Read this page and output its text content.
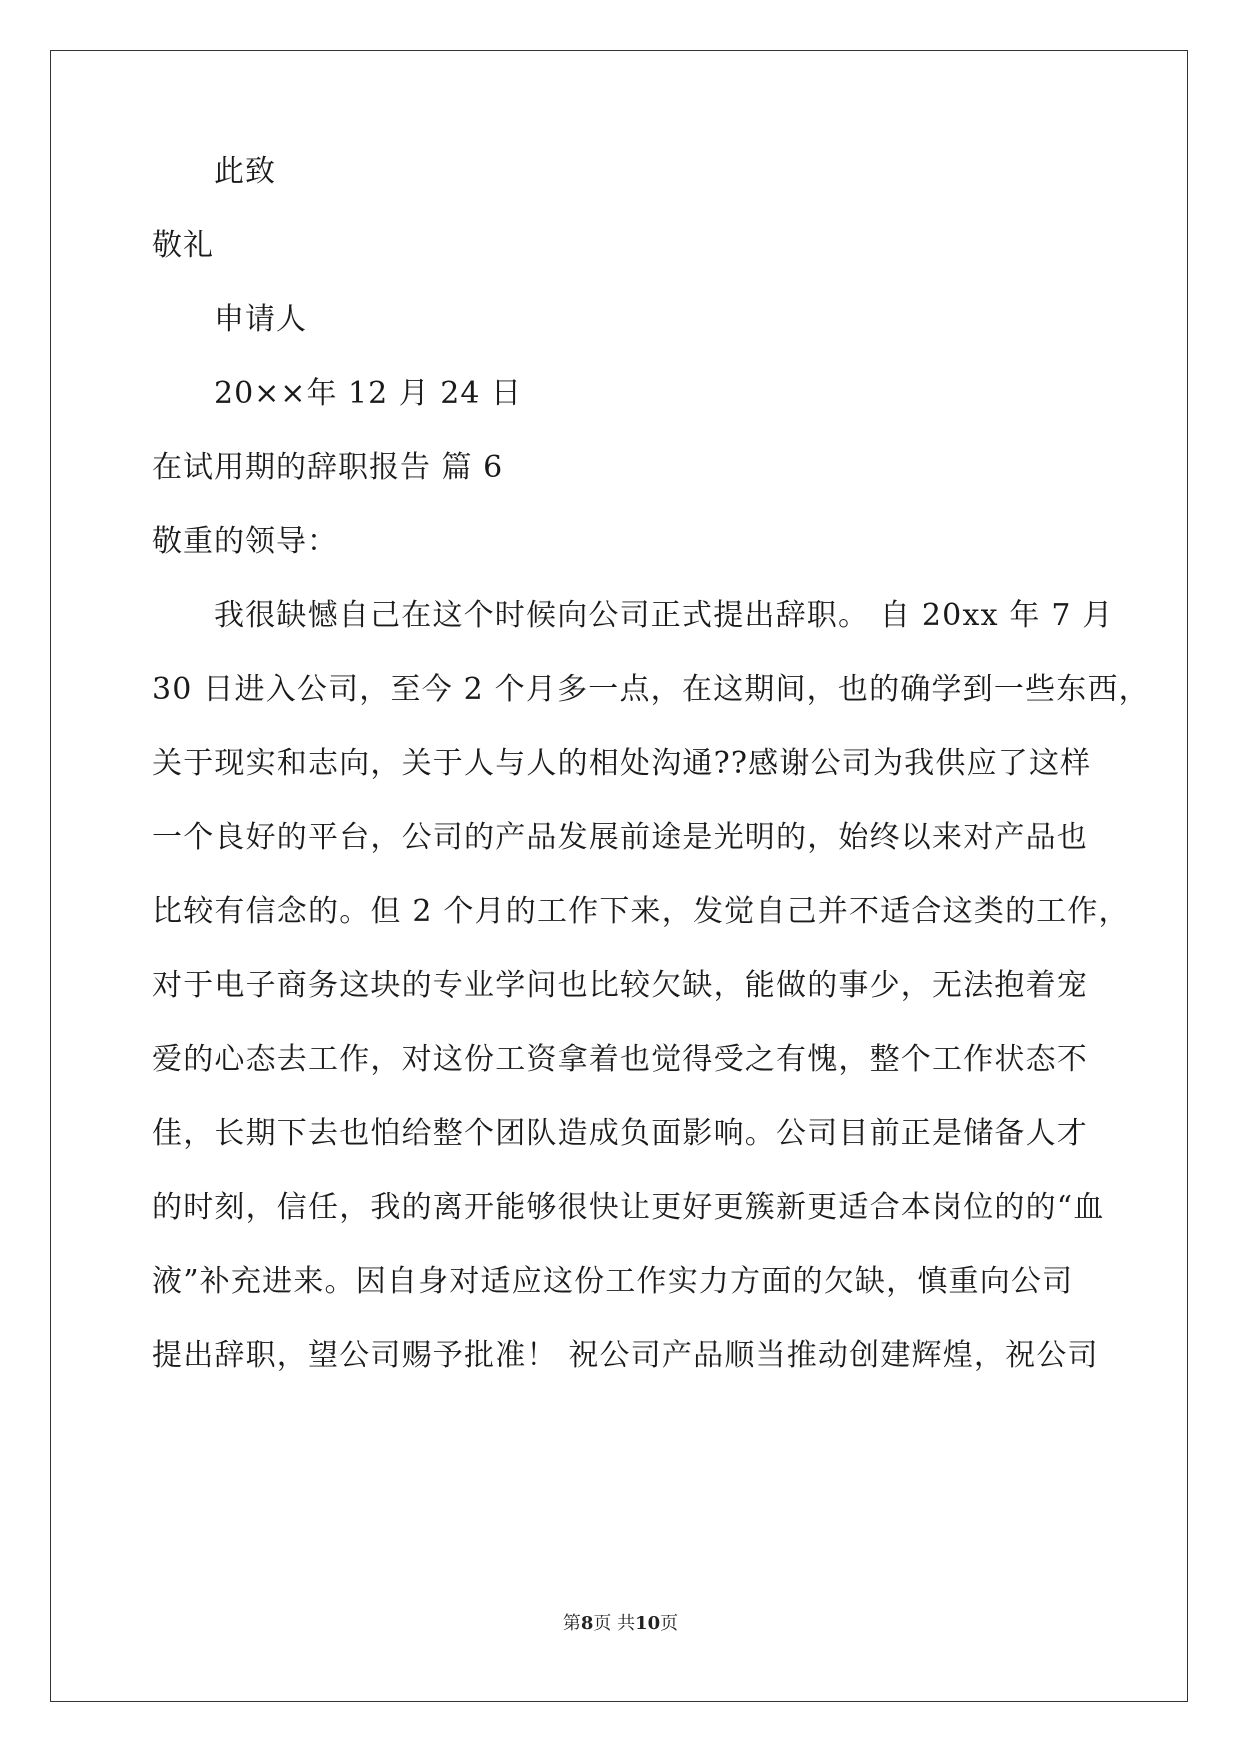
此致
敬礼
申请人
20××年 12 月 24 日
在试用期的辞职报告 篇 6
敬重的领导：
我很缺憾自己在这个时候向公司正式提出辞职。 自 20xx 年 7 月
30 日进入公司，至今 2 个月多一点，在这期间，也的确学到一些东西，
关于现实和志向，关于人与人的相处沟通??感谢公司为我供应了这样
一个良好的平台，公司的产品发展前途是光明的，始终以来对产品也
比较有信念的。但 2 个月的工作下来，发觉自己并不适合这类的工作，
对于电子商务这块的专业学问也比较欠缺，能做的事少，无法抱着宠
爱的心态去工作，对这份工资拿着也觉得受之有愧，整个工作状态不
佳，长期下去也怕给整个团队造成负面影响。公司目前正是储备人才
的时刻，信任，我的离开能够很快让更好更簇新更适合本岗位的的“血
液”补充进来。因自身对适应这份工作实力方面的欠缺，慎重向公司
提出辞职，望公司赐予批准！ 祝公司产品顺当推动创建辉煌，祝公司
第8页 共10页
